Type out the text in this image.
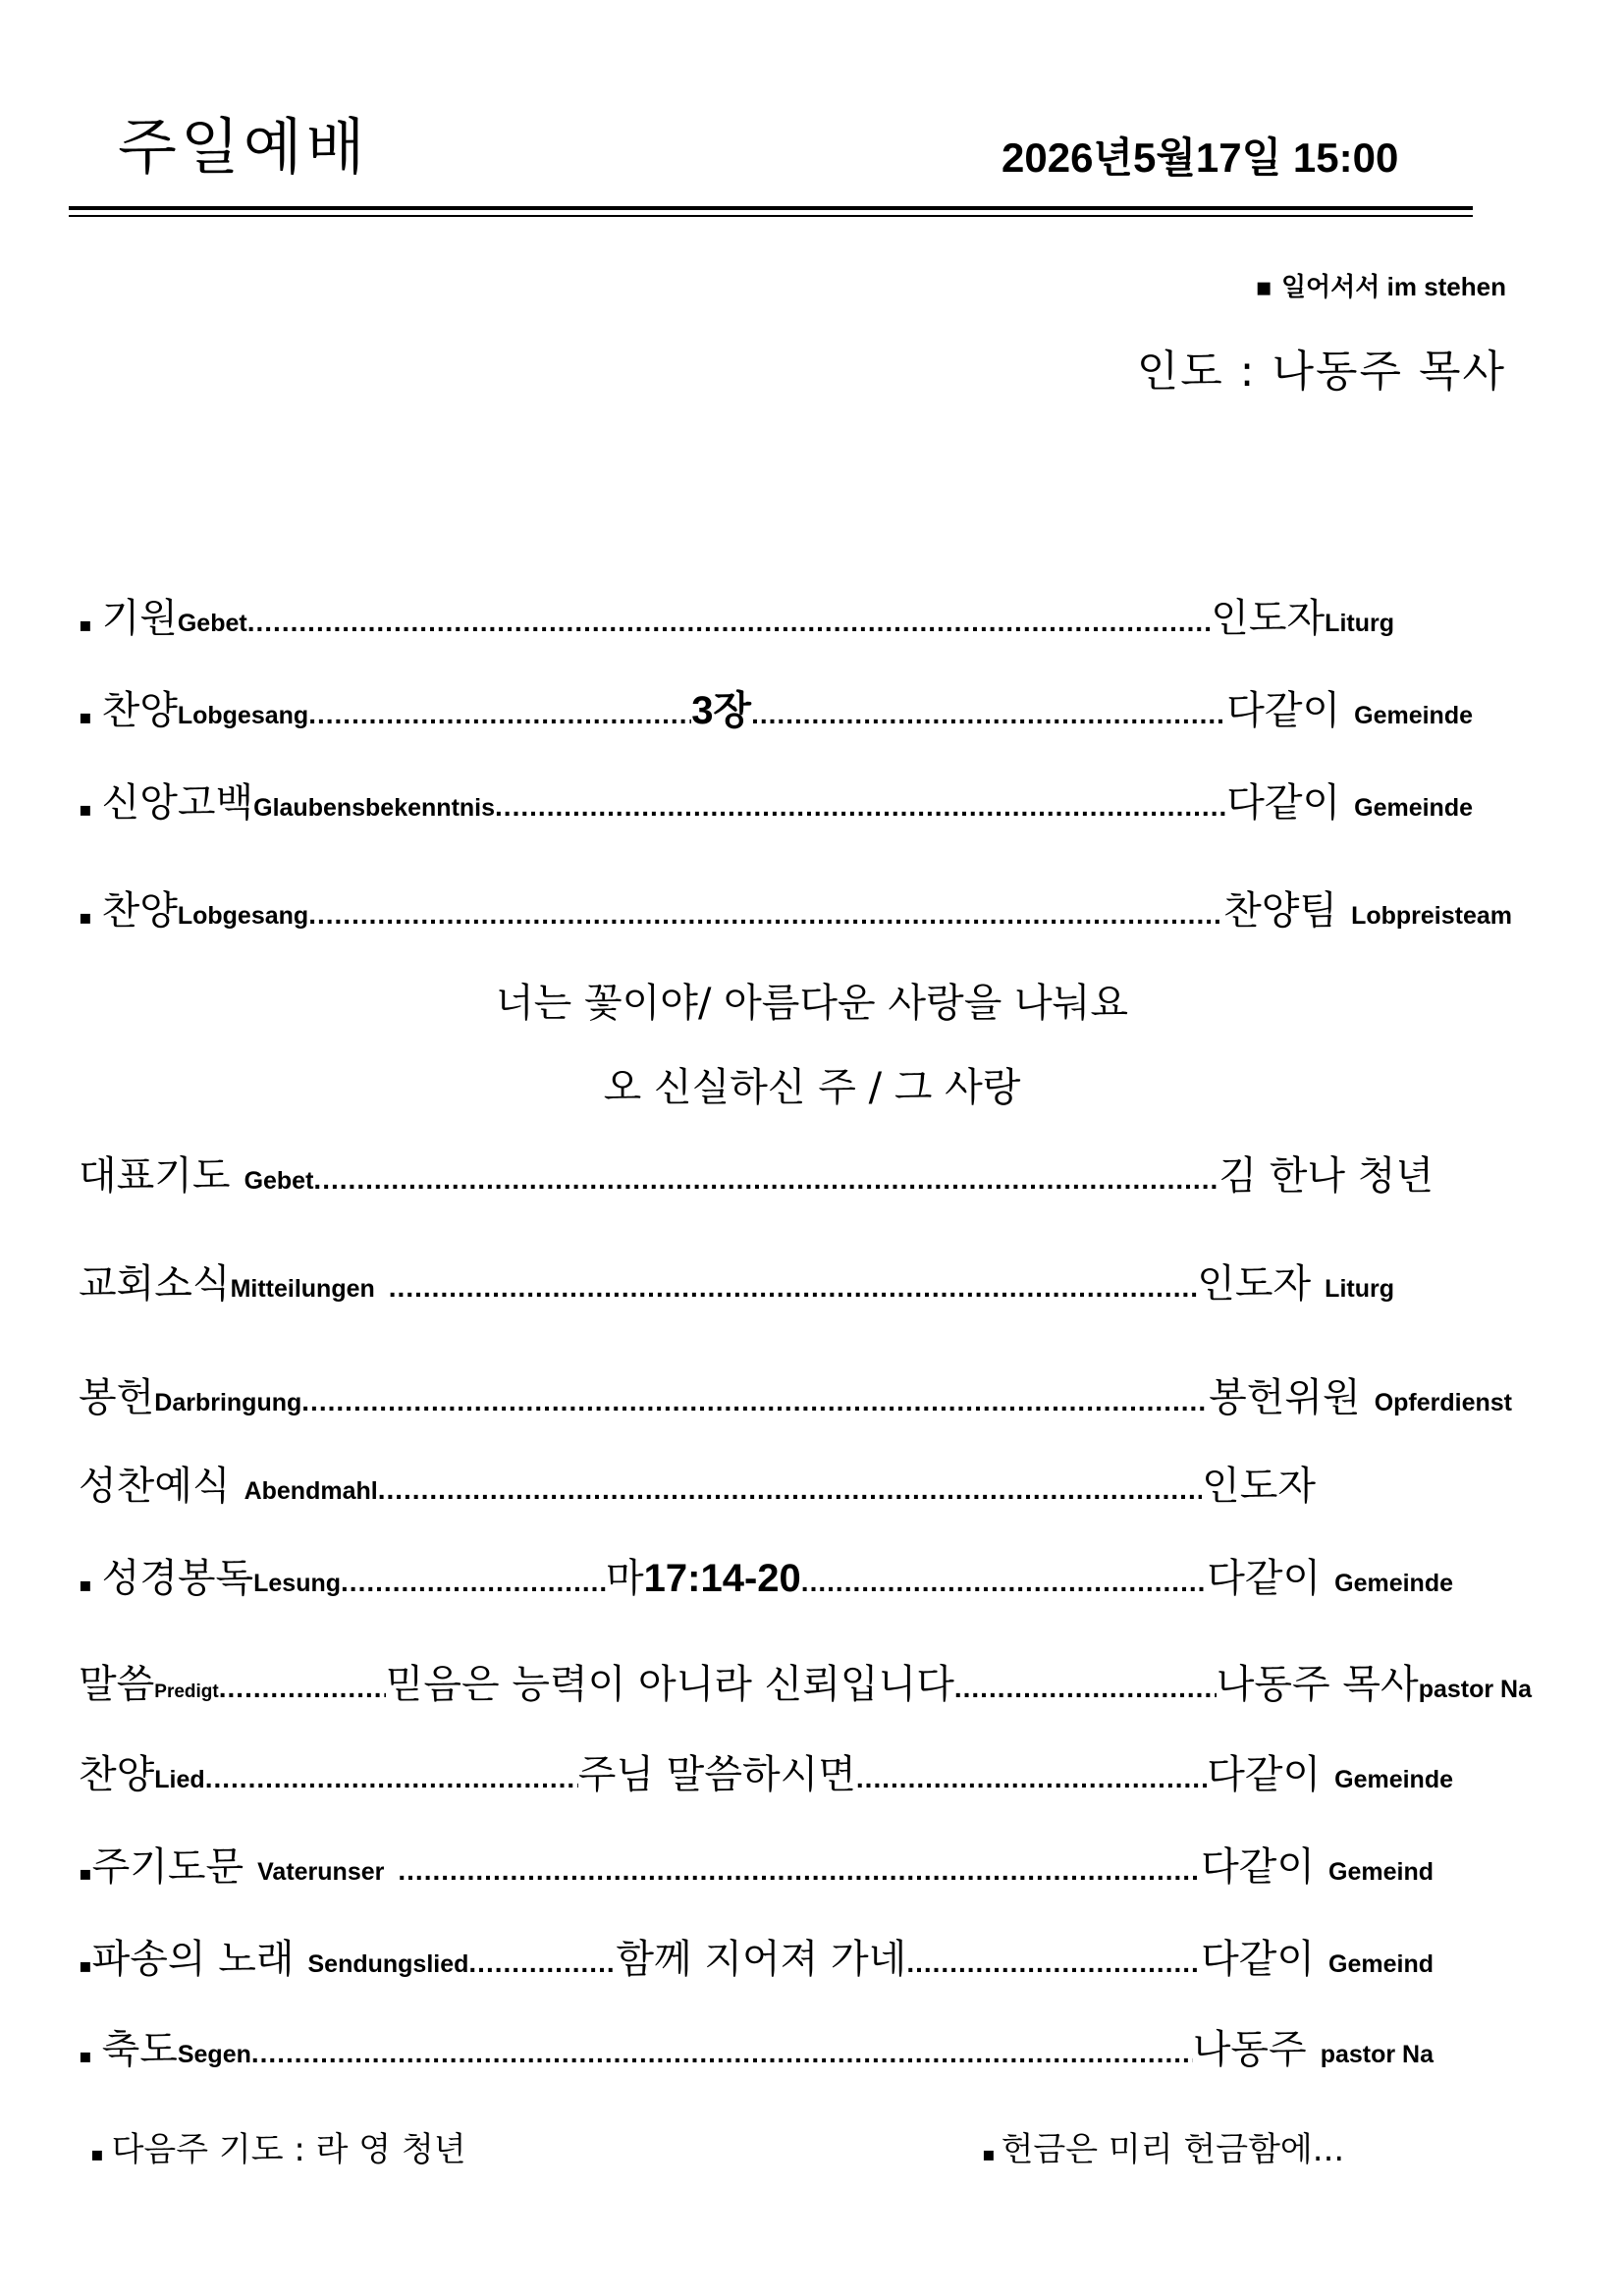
주일예배	2026년5월17일 15:00
▪ 일어서서 im stehen
인도 : 나동주 목사
▪ 기원 Gebet .....	인도자 Liturg
▪ 찬양 Lobgesang .....	3장 .....	다같이 Gemeinde
▪ 신앙고백 Glaubensbekenntnis .....	다같이 Gemeinde
▪ 찬양 Lobgesang .....	찬양팀 Lobpreisteam
너는 꽃이야/ 아름다운 사랑을 나눠요
오 신실하신 주 / 그 사랑
대표기도 Gebet .....	김 한나 청년
교회소식 Mitteilungen .....	인도자 Liturg
봉헌 Darbringung .....	봉헌위원 Opferdienst
성찬예식 Abendmahl .....	인도자
▪ 성경봉독 Lesung .....	마 17:14-20 .....	다같이 Gemeinde
말씀 Predigt .....	믿음은 능력이 아니라 신뢰입니다 .....	나동주 목사 pastor Na
찬양 Lied .....	주님 말씀하시면 .....	다같이 Gemeinde
▪ 주기도문 Vaterunser .....	다같이 Gemeind
▪ 파송의 노래 Sendungslied .....	함께 지어져 가네 .....	다같이 Gemeind
▪ 축도 Segen .....	나동주 pastor Na
▪ 다음주 기도 : 라 영 청년	▪ 헌금은 미리 헌금함에...
